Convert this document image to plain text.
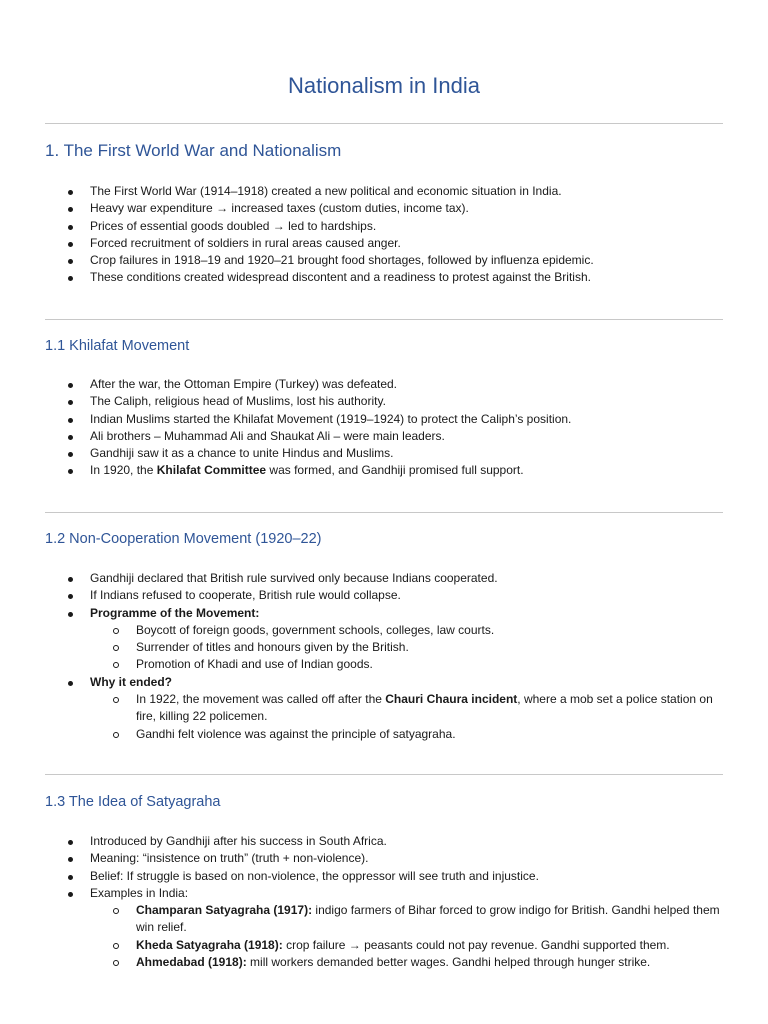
Nationalism in India
1. The First World War and Nationalism
The First World War (1914–1918) created a new political and economic situation in India.
Heavy war expenditure → increased taxes (custom duties, income tax).
Prices of essential goods doubled → led to hardships.
Forced recruitment of soldiers in rural areas caused anger.
Crop failures in 1918–19 and 1920–21 brought food shortages, followed by influenza epidemic.
These conditions created widespread discontent and a readiness to protest against the British.
1.1 Khilafat Movement
After the war, the Ottoman Empire (Turkey) was defeated.
The Caliph, religious head of Muslims, lost his authority.
Indian Muslims started the Khilafat Movement (1919–1924) to protect the Caliph’s position.
Ali brothers – Muhammad Ali and Shaukat Ali – were main leaders.
Gandhiji saw it as a chance to unite Hindus and Muslims.
In 1920, the Khilafat Committee was formed, and Gandhiji promised full support.
1.2 Non-Cooperation Movement (1920–22)
Gandhiji declared that British rule survived only because Indians cooperated.
If Indians refused to cooperate, British rule would collapse.
Programme of the Movement:
Boycott of foreign goods, government schools, colleges, law courts.
Surrender of titles and honours given by the British.
Promotion of Khadi and use of Indian goods.
Why it ended?
In 1922, the movement was called off after the Chauri Chaura incident, where a mob set a police station on fire, killing 22 policemen.
Gandhi felt violence was against the principle of satyagraha.
1.3 The Idea of Satyagraha
Introduced by Gandhiji after his success in South Africa.
Meaning: “insistence on truth” (truth + non-violence).
Belief: If struggle is based on non-violence, the oppressor will see truth and injustice.
Examples in India:
Champaran Satyagraha (1917): indigo farmers of Bihar forced to grow indigo for British. Gandhi helped them win relief.
Kheda Satyagraha (1918): crop failure → peasants could not pay revenue. Gandhi supported them.
Ahmedabad (1918): mill workers demanded better wages. Gandhi helped through hunger strike.
